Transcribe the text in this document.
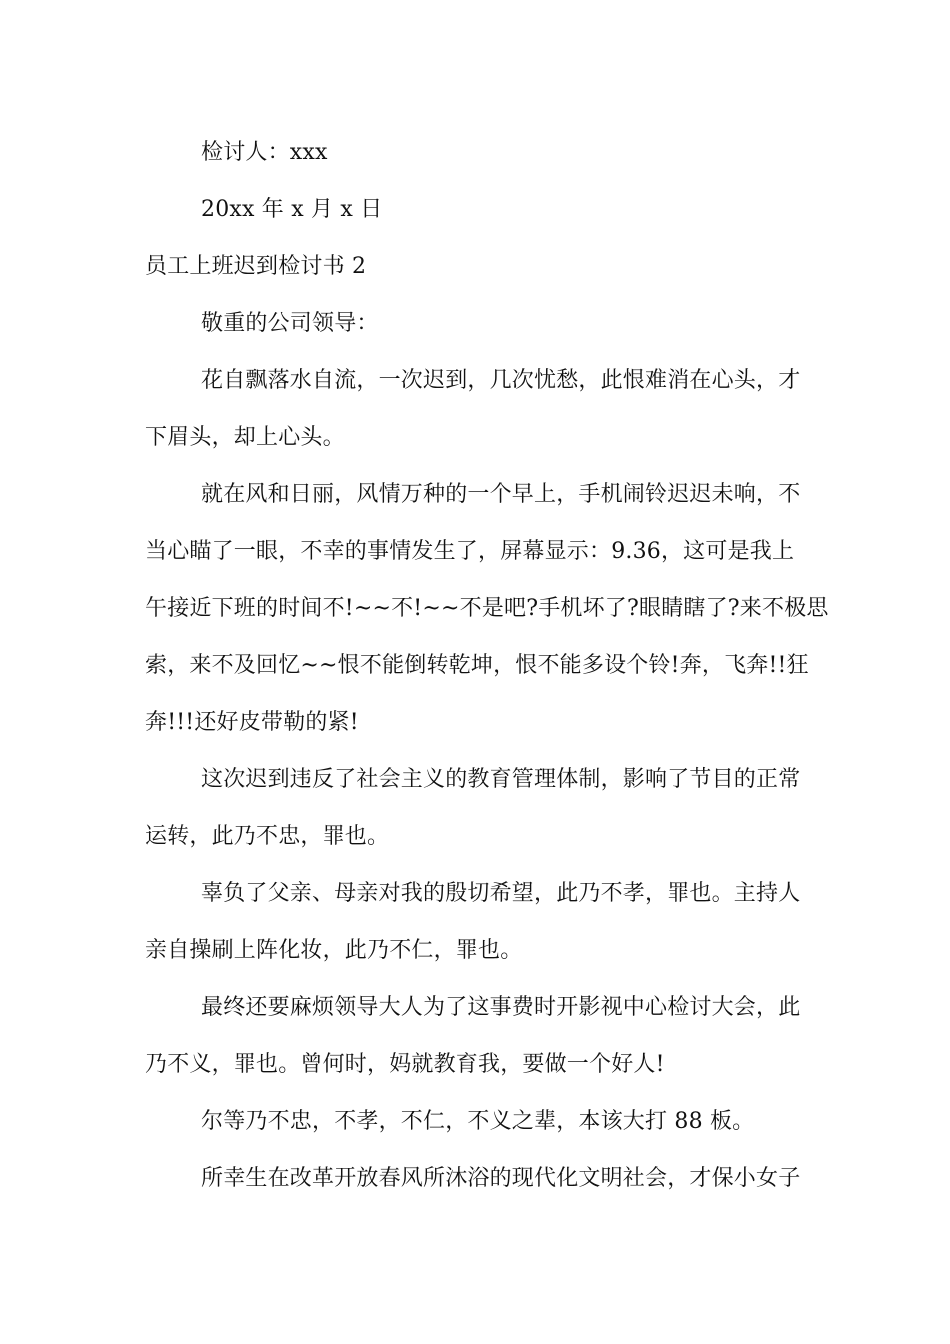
检讨人：xxx
20xx 年 x 月 x 日
员工上班迟到检讨书 2
敬重的公司领导：
花自飘落水自流，一次迟到，几次忧愁，此恨难消在心头，才
下眉头，却上心头。
就在风和日丽，风情万种的一个早上，手机闹铃迟迟未响，不
当心瞄了一眼，不幸的事情发生了，屏幕显示：9.36，这可是我上
午接近下班的时间不!~~不!~~不是吧?手机坏了?眼睛瞎了?来不极思
索，来不及回忆~~恨不能倒转乾坤，恨不能多设个铃!奔，飞奔!!狂
奔!!!还好皮带勒的紧!
这次迟到违反了社会主义的教育管理体制，影响了节目的正常
运转，此乃不忠，罪也。
辜负了父亲、母亲对我的殷切希望，此乃不孝，罪也。主持人
亲自操刷上阵化妆，此乃不仁，罪也。
最终还要麻烦领导大人为了这事费时开影视中心检讨大会，此
乃不义，罪也。曾何时，妈就教育我，要做一个好人!
尔等乃不忠，不孝，不仁，不义之辈，本该大打 88 板。
所幸生在改革开放春风所沐浴的现代化文明社会，才保小女子
